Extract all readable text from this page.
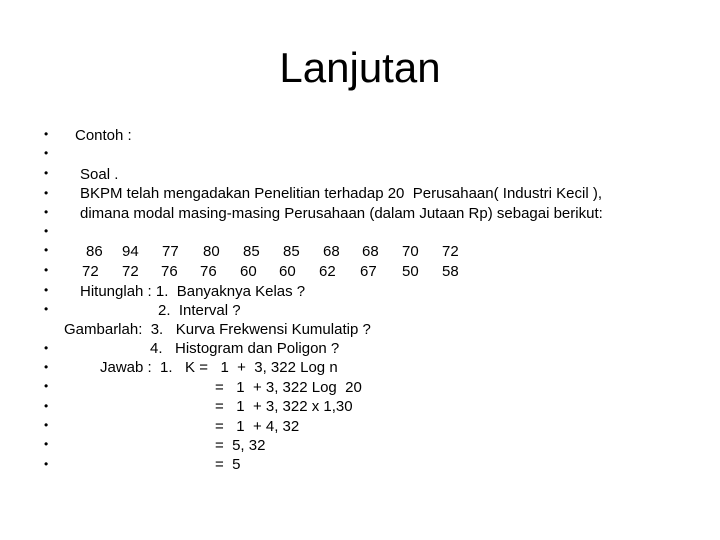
Lanjutan
•
•
•
•
•
•
•
•
•
•
•
•
•
•
•
•
•
Contoh :
Soal .
BKPM telah mengadakan Penelitian terhadap 20  Perusahaan( Industri Kecil ),
dimana modal masing-masing Perusahaan (dalam Jutaan Rp) sebagai berikut:

86

94

77

80

85

85

68

68

70

72

72

72

76

76

60

60

62

67

50

58

Hitunglah : 1.  Banyaknya Kelas ?
2.  Interval ?
Gambarlah:  3.   Kurva Frekwensi Kumulatip ?
4.   Histogram dan Poligon ?
Jawab :  1.   K =   1  +  3, 322 Log n
=   1  + 3, 322 Log  20
=   1  + 3, 322 x 1,30
=   1  + 4, 32
=  5, 32
=  5
